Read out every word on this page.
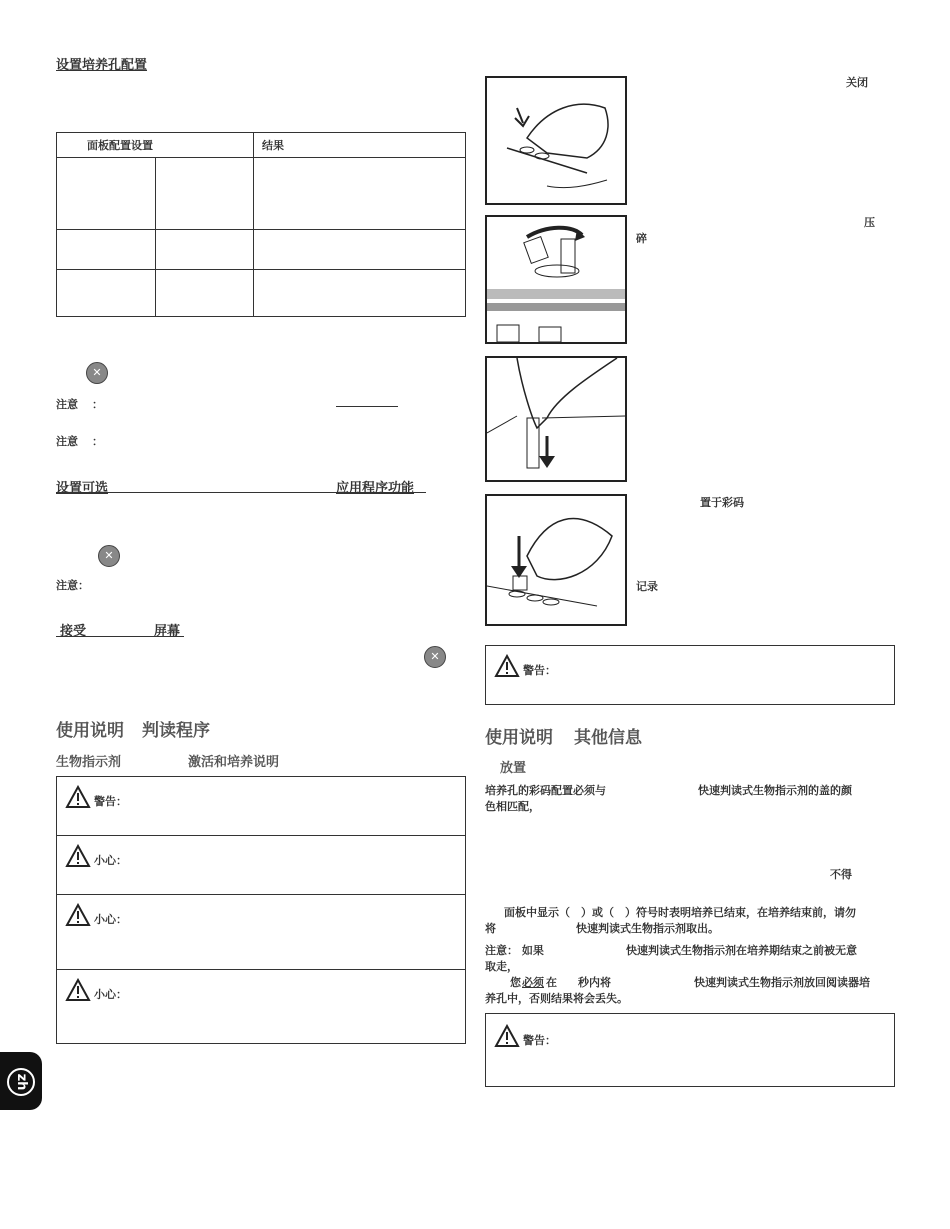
设置培养孔配置
面板配置设置		结果

✕
注意 ：
注意 ：
设置可选	应用程序功能
✕
注意：
接受	屏幕
✕
使用说明 判读程序
生物指示剂	激活和培养说明
警告：
小心：
小心：
小心：
关闭
压
碎
置于彩码
记录
警告：
使用说明 其他信息
放置
培养孔的彩码配置必须与	快速判读式生物指示剂的盖的颜
色相匹配，
不得
面板中显示（　）或（　）符号时表明培养已结束，在培养结束前，请勿
将	快速判读式生物指示剂取出。
注意： 如果	快速判读式生物指示剂在培养期结束之前被无意
取走，
您 必须 在 秒内将	快速判读式生物指示剂放回阅读器培
养孔中，否则结果将会丢失。
警告：
zh
